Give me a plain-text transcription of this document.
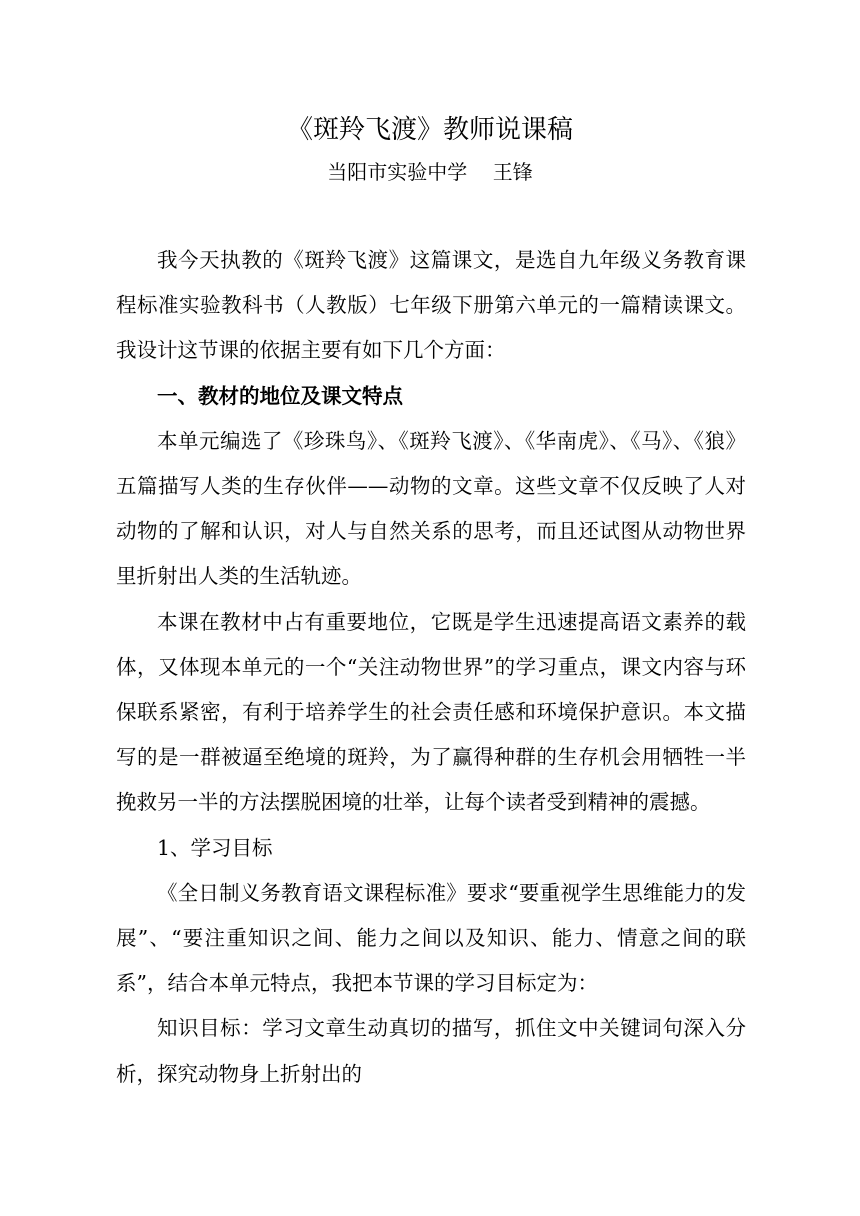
《斑羚飞渡》教师说课稿
当阳市实验中学    王锋

我今天执教的《斑羚飞渡》这篇课文，是选自九年级义务教育课程标准实验教科书（人教版）七年级下册第六单元的一篇精读课文。我设计这节课的依据主要有如下几个方面：

一、教材的地位及课文特点

本单元编选了《珍珠鸟》、《斑羚飞渡》、《华南虎》、《马》、《狼》五篇描写人类的生存伙伴——动物的文章。这些文章不仅反映了人对动物的了解和认识，对人与自然关系的思考，而且还试图从动物世界里折射出人类的生活轨迹。

本课在教材中占有重要地位，它既是学生迅速提高语文素养的载体，又体现本单元的一个“关注动物世界”的学习重点，课文内容与环保联系紧密，有利于培养学生的社会责任感和环境保护意识。本文描写的是一群被逼至绝境的斑羚，为了赢得种群的生存机会用牺牲一半挽救另一半的方法摆脱困境的壮举，让每个读者受到精神的震撼。

1、学习目标

《全日制义务教育语文课程标准》要求“要重视学生思维能力的发展”、“要注重知识之间、能力之间以及知识、能力、情意之间的联系”，结合本单元特点，我把本节课的学习目标定为：

知识目标：学习文章生动真切的描写，抓住文中关键词句深入分析，探究动物身上折射出的
